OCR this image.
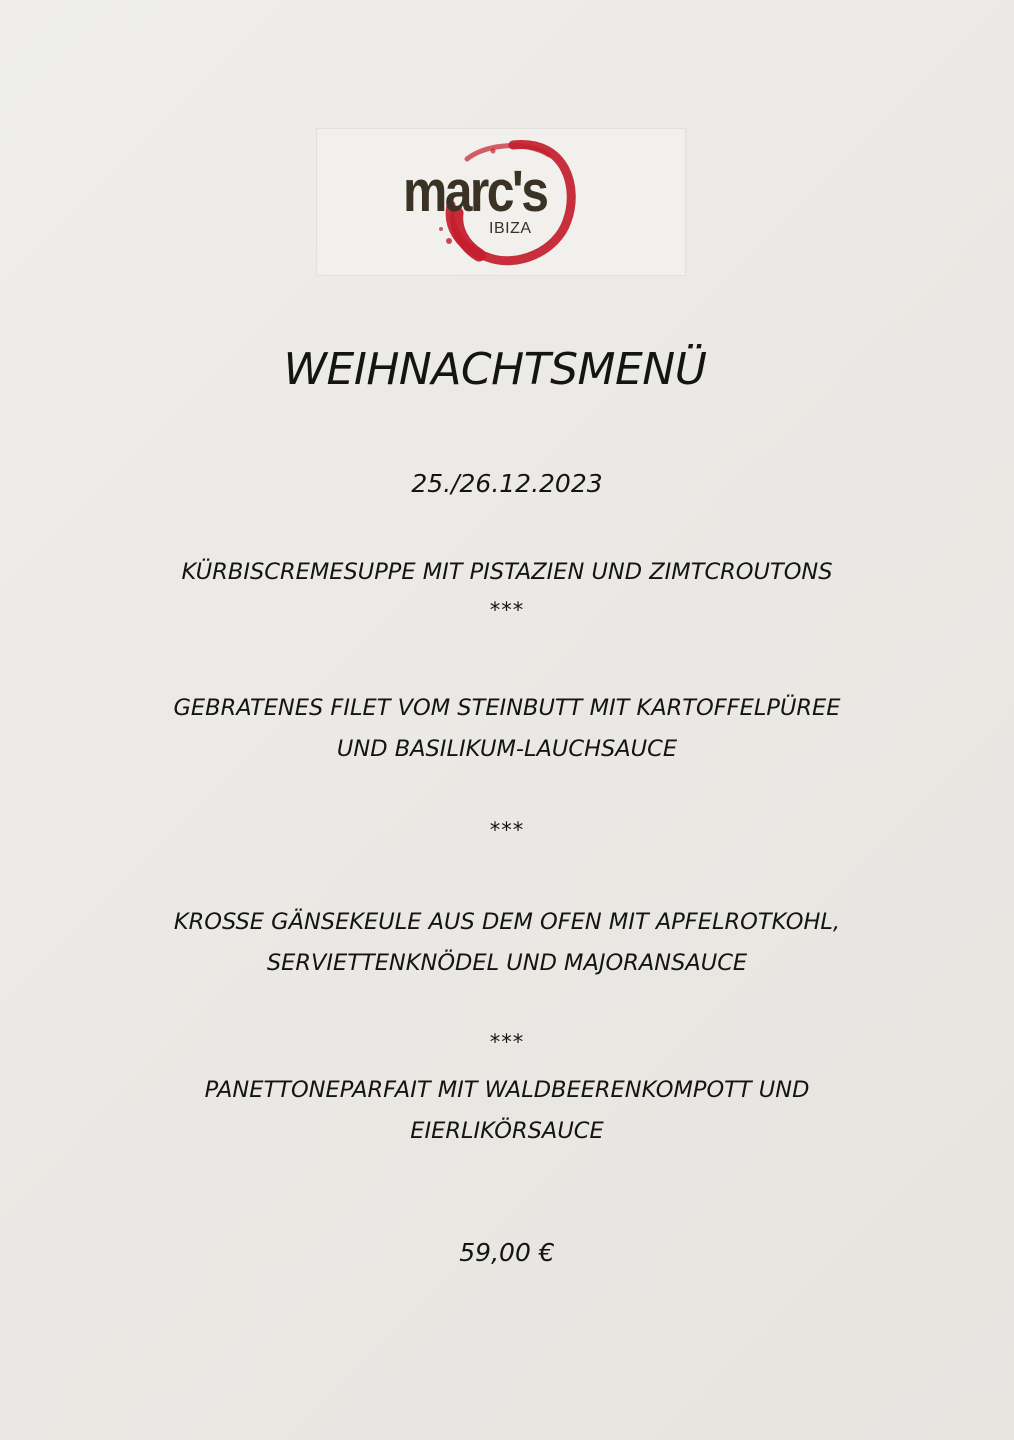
marc's
IBIZA
WEIHNACHTSMENÜ
25./26.12.2023
KÜRBISCREMESUPPE MIT PISTAZIEN UND ZIMTCROUTONS
***
GEBRATENES FILET VOM STEINBUTT MIT KARTOFFELPÜREE
UND BASILIKUM-LAUCHSAUCE
***
KROSSE GÄNSEKEULE AUS DEM OFEN MIT APFELROTKOHL,
SERVIETTENKNÖDEL UND MAJORANSAUCE
***
PANETTONEPARFAIT MIT WALDBEERENKOMPOTT UND
EIERLIKÖRSAUCE
59,00 €
